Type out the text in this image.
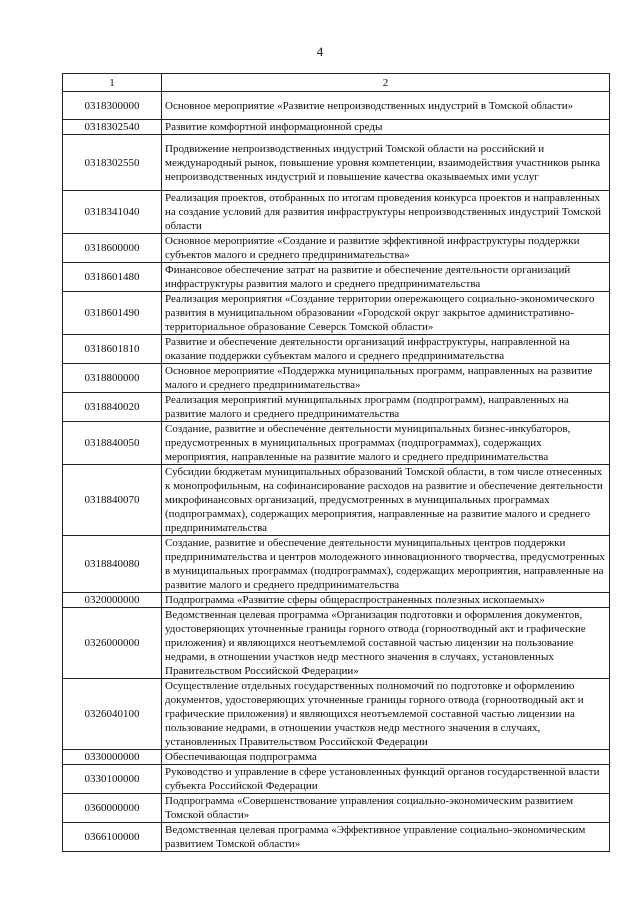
4
1	2
0318300000	Основное мероприятие «Развитие непроизводственных индустрий в Томской области»
0318302540	Развитие комфортной информационной среды
0318302550	Продвижение непроизводственных индустрий Томской области на российский и международный рынок, повышение уровня компетенции, взаимодействия участников рынка непроизводственных индустрий и повышение качества оказываемых ими услуг
0318341040	Реализация проектов, отобранных по итогам проведения конкурса проектов и направленных на создание условий для развития инфраструктуры непроизводственных индустрий Томской области
0318600000	Основное мероприятие «Создание и развитие эффективной инфраструктуры поддержки субъектов малого и среднего предпринимательства»
0318601480	Финансовое обеспечение затрат на развитие и обеспечение деятельности организаций инфраструктуры развития малого и среднего предпринимательства
0318601490	Реализация мероприятия «Создание территории опережающего социально-экономического развития в муниципальном образовании «Городской округ закрытое административно-территориальное образование Северск Томской области»
0318601810	Развитие и обеспечение деятельности организаций инфраструктуры, направленной на оказание поддержки субъектам малого и среднего предпринимательства
0318800000	Основное мероприятие «Поддержка муниципальных программ, направленных на развитие малого и среднего предпринимательства»
0318840020	Реализация мероприятий муниципальных программ (подпрограмм), направленных на развитие малого и среднего предпринимательства
0318840050	Создание, развитие и обеспечение деятельности муниципальных бизнес-инкубаторов, предусмотренных в муниципальных программах (подпрограммах), содержащих мероприятия, направленные на развитие малого и среднего предпринимательства
0318840070	Субсидии бюджетам муниципальных образований Томской области, в том числе отнесенных к монопрофильным, на софинансирование расходов на развитие и обеспечение деятельности микрофинансовых организаций, предусмотренных в муниципальных программах (подпрограммах), содержащих мероприятия, направленные на развитие малого и среднего предпринимательства
0318840080	Создание, развитие и обеспечение деятельности муниципальных центров поддержки предпринимательства и центров молодежного инновационного творчества, предусмотренных в муниципальных программах (подпрограммах), содержащих мероприятия, направленные на развитие малого и среднего предпринимательства
0320000000	Подпрограмма «Развитие сферы общераспространенных полезных ископаемых»
0326000000	Ведомственная целевая программа «Организация подготовки и оформления документов, удостоверяющих уточненные границы горного отвода (горноотводный акт и графические приложения) и являющихся неотъемлемой составной частью лицензии на пользование недрами, в отношении участков недр местного значения в случаях, установленных Правительством Российской Федерации»
0326040100	Осуществление отдельных государственных полномочий по подготовке и оформлению документов, удостоверяющих уточненные границы горного отвода (горноотводный акт и графические приложения) и являющихся неотъемлемой составной частью лицензии на пользование недрами, в отношении участков недр местного значения в случаях, установленных Правительством Российской Федерации
0330000000	Обеспечивающая подпрограмма
0330100000	Руководство и управление в сфере установленных функций органов государственной власти субъекта Российской Федерации
0360000000	Подпрограмма «Совершенствование управления социально-экономическим развитием Томской области»
0366100000	Ведомственная целевая программа «Эффективное управление социально-экономическим развитием Томской области»
